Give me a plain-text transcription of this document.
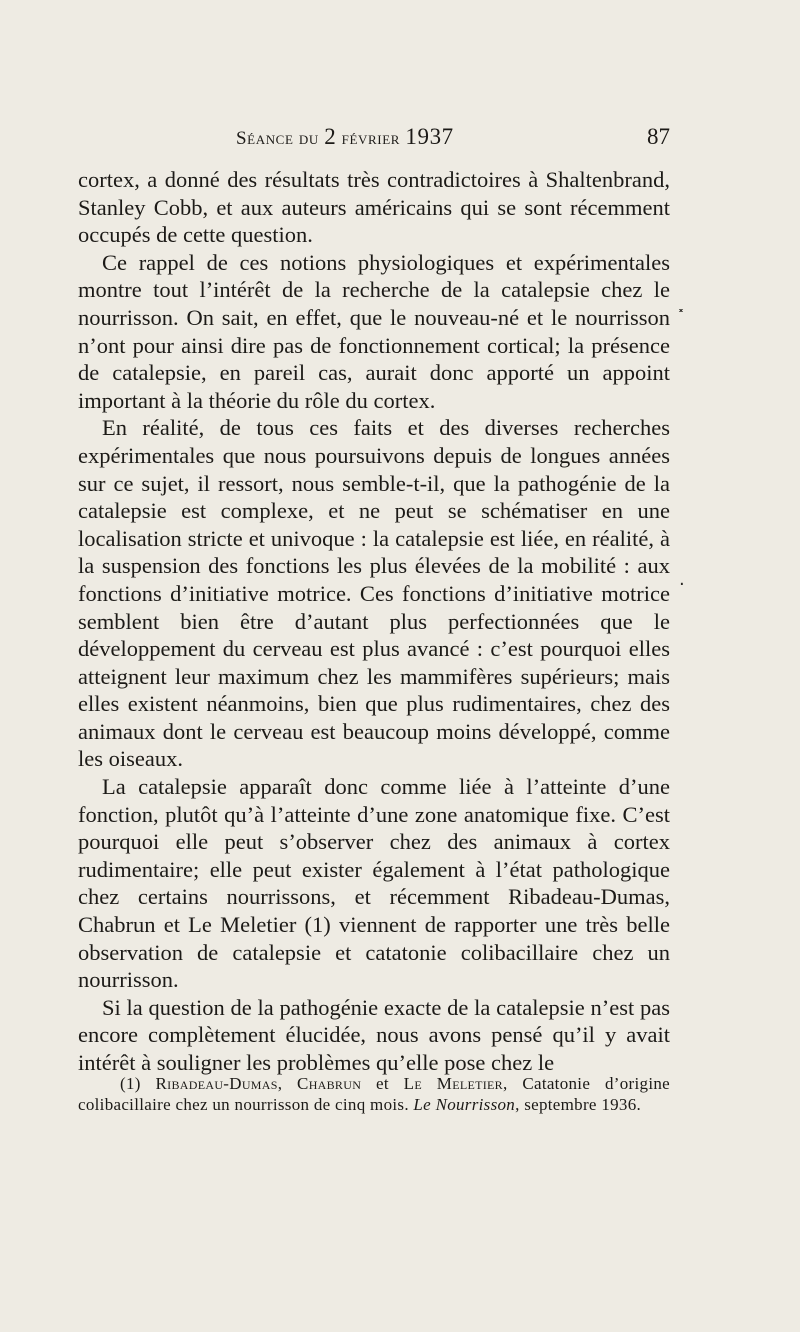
Séance du 2 février 1937	87

cortex, a donné des résultats très contradictoires à Shaltenbrand, Stanley Cobb, et aux auteurs américains qui se sont récemment occupés de cette question.

Ce rappel de ces notions physiologiques et expérimentales montre tout l’intérêt de la recherche de la catalepsie chez le nourrisson. On sait, en effet, que le nouveau-né et le nourrisson n’ont pour ainsi dire pas de fonctionnement cortical; la présence de catalepsie, en pareil cas, aurait donc apporté un appoint important à la théorie du rôle du cortex.

En réalité, de tous ces faits et des diverses recherches expérimentales que nous poursuivons depuis de longues années sur ce sujet, il ressort, nous semble-t-il, que la pathogénie de la catalepsie est complexe, et ne peut se schématiser en une localisation stricte et univoque : la catalepsie est liée, en réalité, à la suspension des fonctions les plus élevées de la mobilité : aux fonctions d’initiative motrice. Ces fonctions d’initiative motrice semblent bien être d’autant plus perfectionnées que le développement du cerveau est plus avancé : c’est pourquoi elles atteignent leur maximum chez les mammifères supérieurs; mais elles existent néanmoins, bien que plus rudimentaires, chez des animaux dont le cerveau est beaucoup moins développé, comme les oiseaux.

La catalepsie apparaît donc comme liée à l’atteinte d’une fonction, plutôt qu’à l’atteinte d’une zone anatomique fixe. C’est pourquoi elle peut s’observer chez des animaux à cortex rudimentaire; elle peut exister également à l’état pathologique chez certains nourrissons, et récemment Ribadeau-Dumas, Chabrun et Le Meletier (1) viennent de rapporter une très belle observation de catalepsie et catatonie colibacillaire chez un nourrisson.

Si la question de la pathogénie exacte de la catalepsie n’est pas encore complètement élucidée, nous avons pensé qu’il y avait intérêt à souligner les problèmes qu’elle pose chez le

(1) Ribadeau-Dumas, Chabrun et Le Meletier, Catatonie d’origine colibacillaire chez un nourrisson de cinq mois. Le Nourrisson, septembre 1936.
˟
·
